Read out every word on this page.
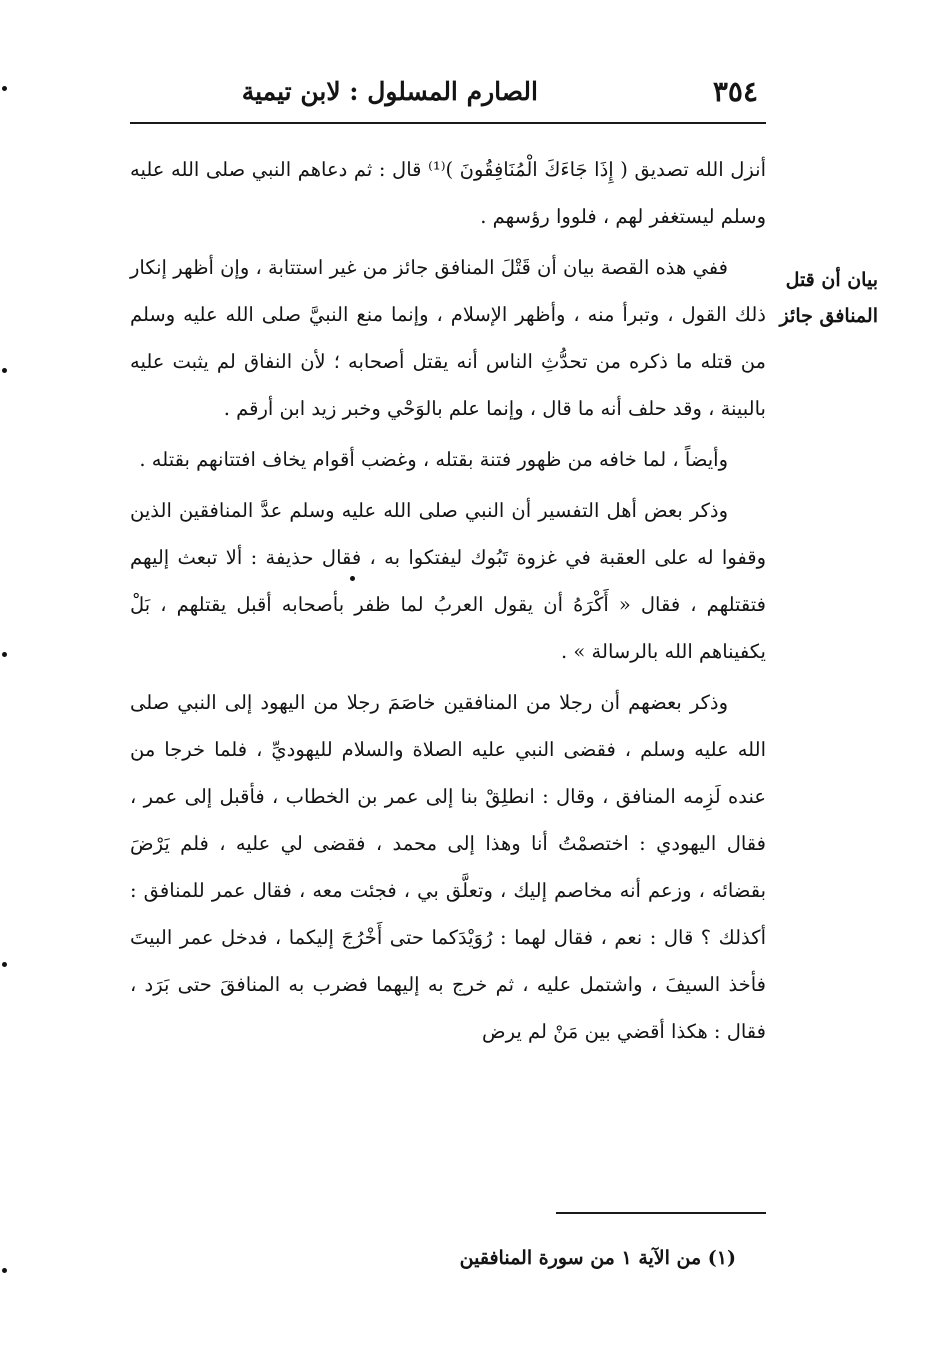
٣٥٤
الصارم المسلول : لابن تيمية
بيان أن قتل المنافق جائز

أنزل الله تصديق ( إِذَا جَاءَكَ الْمُنَافِقُونَ )⁽¹⁾ قال : ثم دعاهم النبي صلى الله عليه وسلم ليستغفر لهم ، فلووا رؤسهم .

ففي هذه القصة بيان أن قَتْلَ المنافق جائز من غير استتابة ، وإن أظهر إنكار ذلك القول ، وتبرأ منه ، وأظهر الإسلام ، وإنما منع النبيَّ صلى الله عليه وسلم من قتله ما ذكره من تحدُّثِ الناس أنه يقتل أصحابه ؛ لأن النفاق لم يثبت عليه بالبينة ، وقد حلف أنه ما قال ، وإنما علم بالوَحْي وخبر زيد ابن أرقم .

وأيضاً ، لما خافه من ظهور فتنة بقتله ، وغضب أقوام يخاف افتتانهم بقتله .

وذكر بعض أهل التفسير أن النبي صلى الله عليه وسلم عدَّ المنافقين الذين وقفوا له على العقبة في غزوة تَبُوك ليفتكوا به ، فقال حذيفة : ألا تبعث إليهم فتقتلهم ، فقال « أَكْرَهُ أن يقول العربُ لما ظفر بأصحابه أقبل يقتلهم ، بَلْ يكفيناهم الله بالرسالة » .

وذكر بعضهم أن رجلا من المنافقين خاصَمَ رجلا من اليهود إلى النبي صلى الله عليه وسلم ، فقضى النبي عليه الصلاة والسلام لليهوديِّ ، فلما خرجا من عنده لَزِمه المنافق ، وقال : انطلِقْ بنا إلى عمر بن الخطاب ، فأقبل إلى عمر ، فقال اليهودي : اختصمْتُ أنا وهذا إلى محمد ، فقضى لي عليه ، فلم يَرْضَ بقضائه ، وزعم أنه مخاصم إليك ، وتعلَّق بي ، فجئت معه ، فقال عمر للمنافق : أكذلك ؟ قال : نعم ، فقال لهما : رُوَيْدَكما حتى أَخْرُجَ إليكما ، فدخل عمر البيتَ فأخذ السيفَ ، واشتمل عليه ، ثم خرج به إليهما فضرب به المنافقَ حتى بَرَد ، فقال : هكذا أقضي بين مَنْ لم يرض

(١) من الآية ١ من سورة المنافقين
